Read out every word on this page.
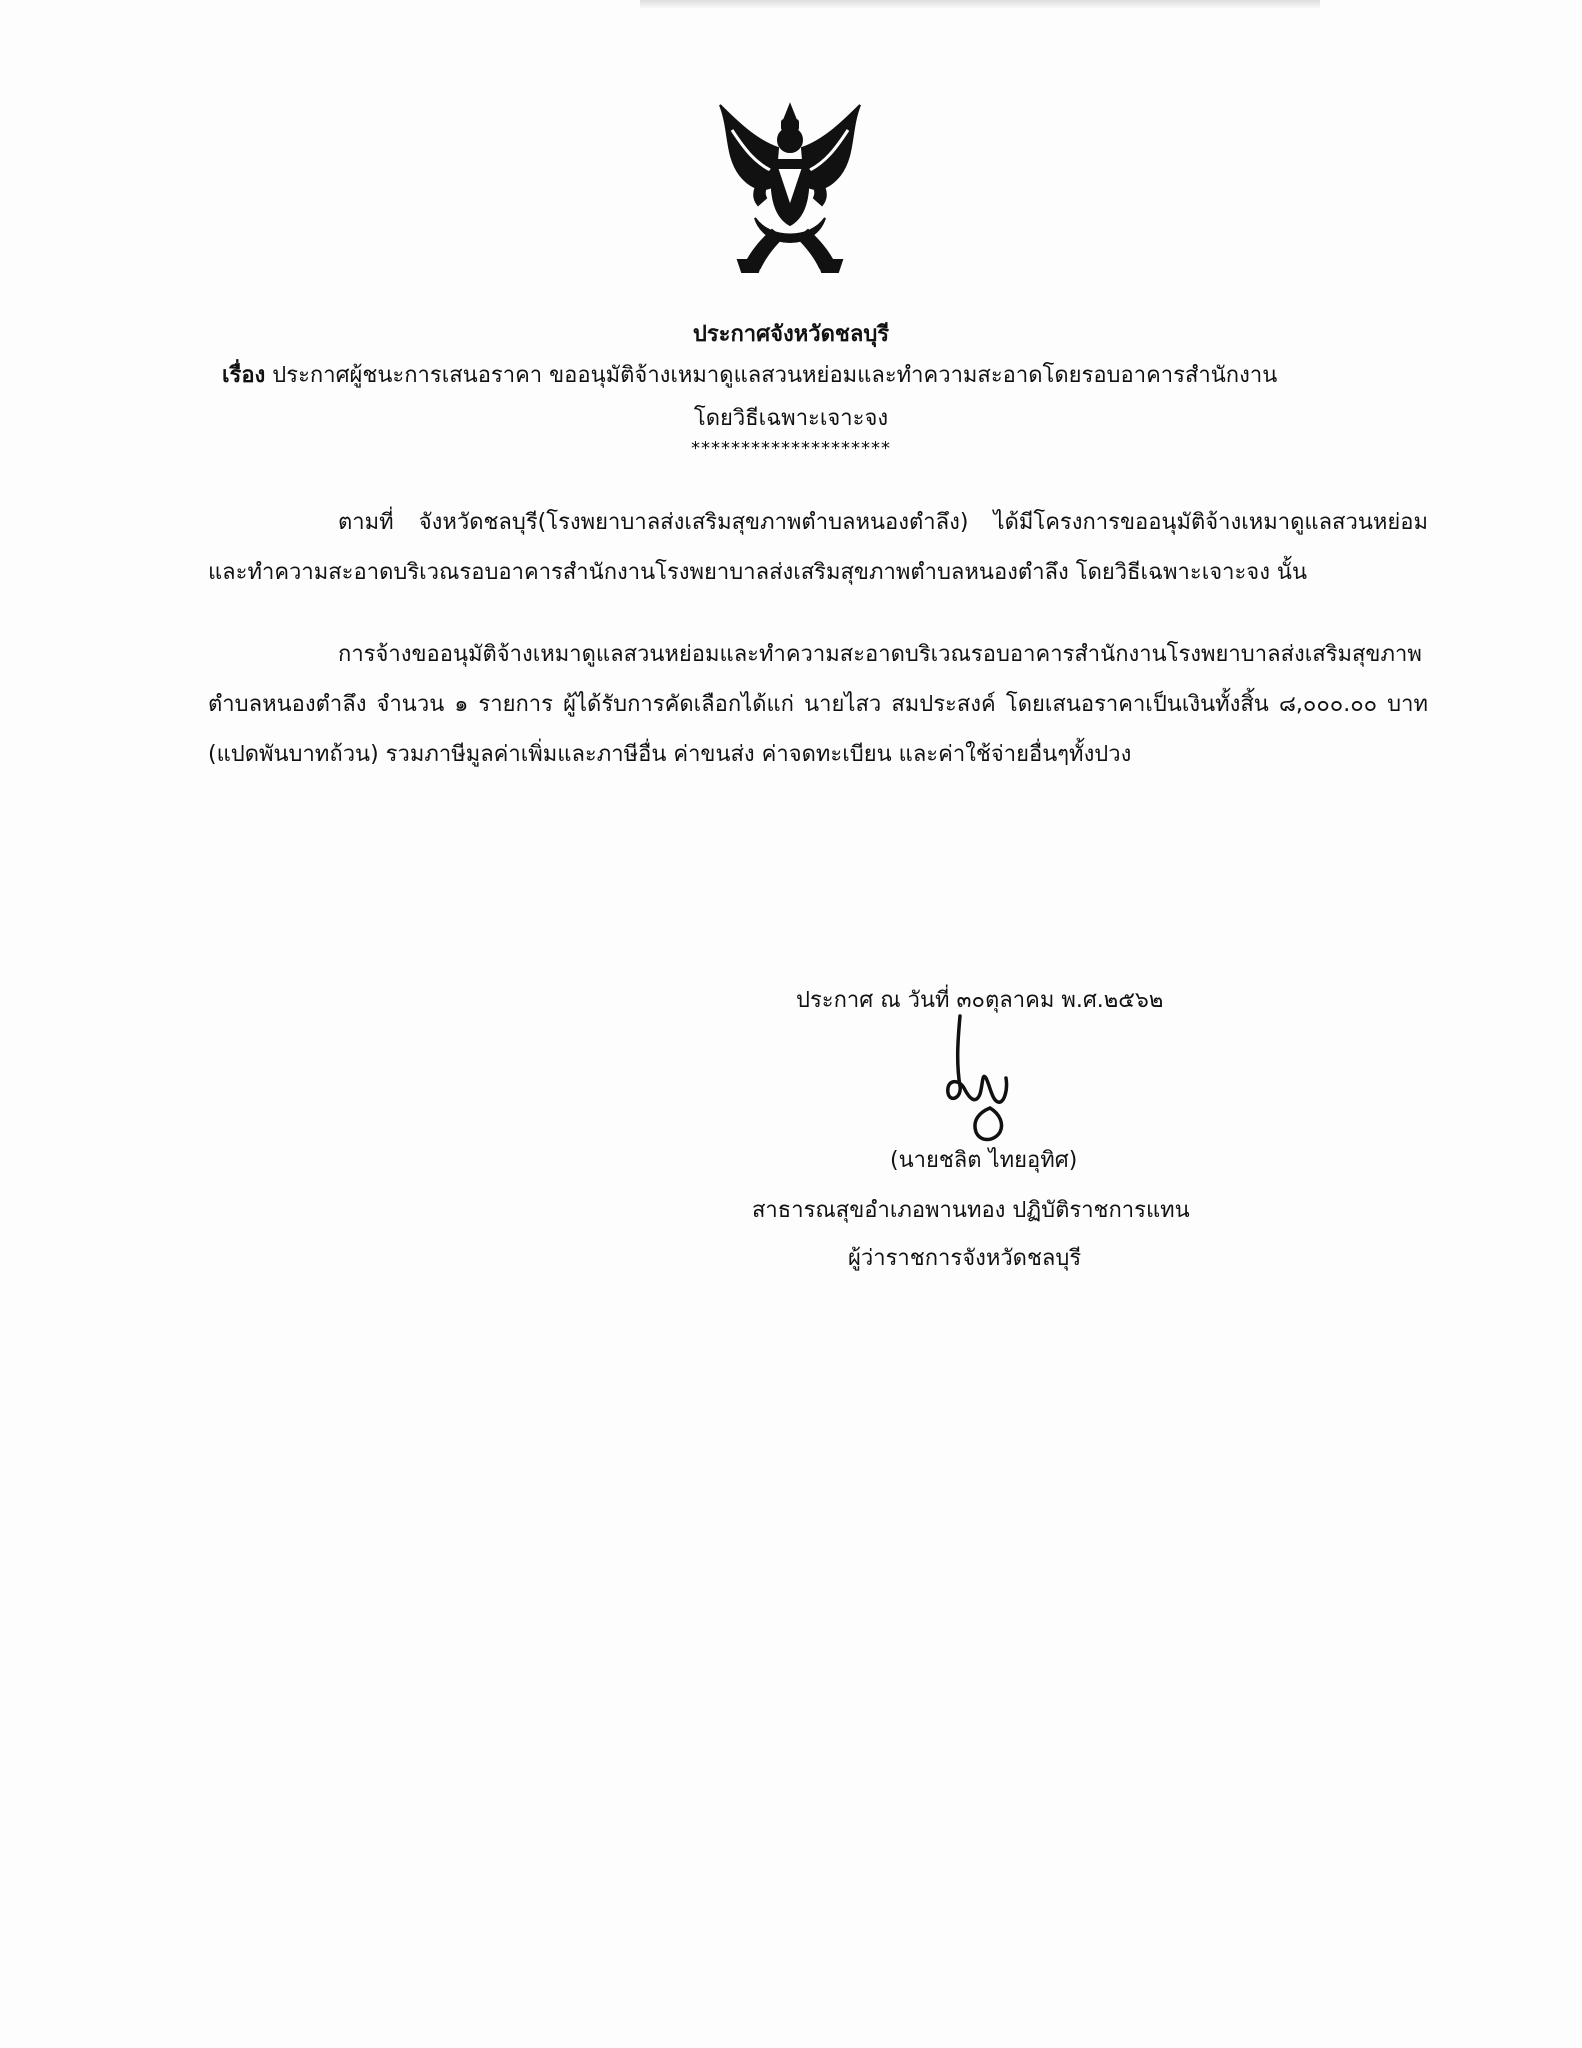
ประกาศจังหวัดชลบุรี
เรื่อง ประกาศผู้ชนะการเสนอราคา ขออนุมัติจ้างเหมาดูแลสวนหย่อมและทำความสะอาดโดยรอบอาคารสำนักงาน
โดยวิธีเฉพาะเจาะจง
********************
ตามที่ จังหวัดชลบุรี(โรงพยาบาลส่งเสริมสุขภาพตำบลหนองตำลึง) ได้มีโครงการขออนุมัติจ้างเหมาดูแลสวนหย่อมและทำความสะอาดบริเวณรอบอาคารสำนักงานโรงพยาบาลส่งเสริมสุขภาพตำบลหนองตำลึง โดยวิธีเฉพาะเจาะจง นั้น
การจ้างขออนุมัติจ้างเหมาดูแลสวนหย่อมและทำความสะอาดบริเวณรอบอาคารสำนักงานโรงพยาบาลส่งเสริมสุขภาพตำบลหนองตำลึง จำนวน ๑ รายการ ผู้ได้รับการคัดเลือกได้แก่ นายไสว สมประสงค์ โดยเสนอราคาเป็นเงินทั้งสิ้น ๘,๐๐๐.๐๐ บาท (แปดพันบาทถ้วน) รวมภาษีมูลค่าเพิ่มและภาษีอื่น ค่าขนส่ง ค่าจดทะเบียน และค่าใช้จ่ายอื่นๆทั้งปวง
ประกาศ ณ วันที่ ๓๐ตุลาคม พ.ศ.๒๕๖๒
(นายชลิต ไทยอุทิศ)
สาธารณสุขอำเภอพานทอง ปฏิบัติราชการแทน
ผู้ว่าราชการจังหวัดชลบุรี
